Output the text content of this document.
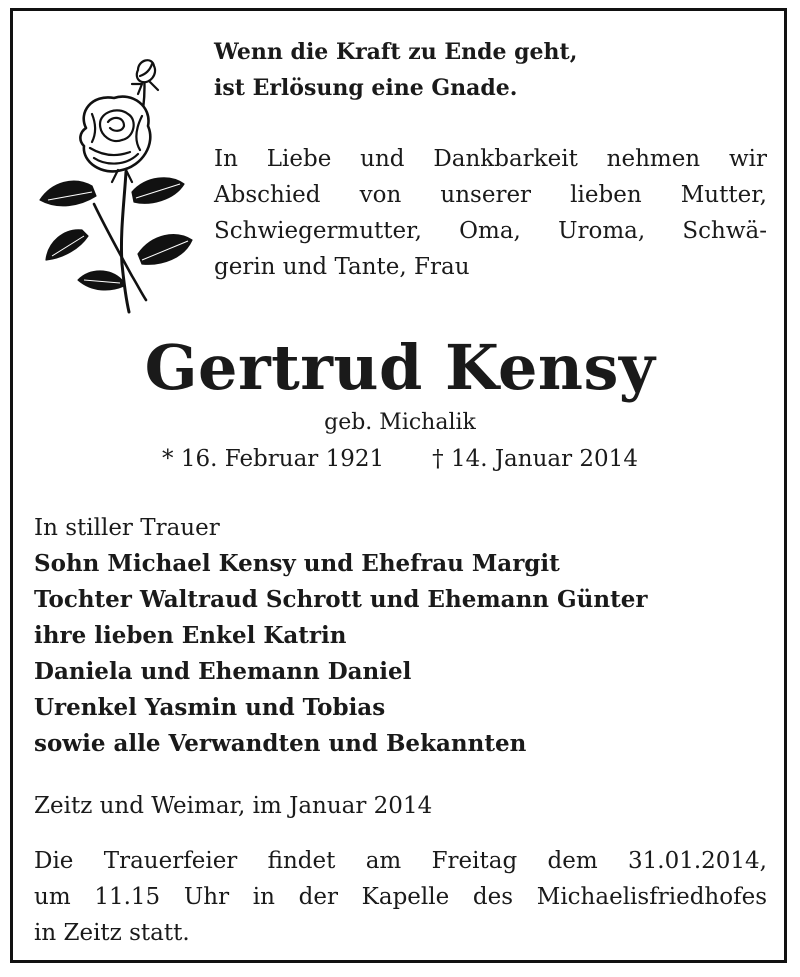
Wenn die Kraft zu Ende geht,
ist Erlösung eine Gnade.
In Liebe und Dankbarkeit nehmen wir
Abschied von unserer lieben Mutter,
Schwiegermutter, Oma, Uroma, Schwä-
gerin und Tante, Frau
Gertrud Kensy
geb. Michalik
* 16. Februar 1921 † 14. Januar 2014
In stiller Trauer
Sohn Michael Kensy und Ehefrau Margit
Tochter Waltraud Schrott und Ehemann Günter
ihre lieben Enkel Katrin
Daniela und Ehemann Daniel
Urenkel Yasmin und Tobias
sowie alle Verwandten und Bekannten
Zeitz und Weimar, im Januar 2014
Die Trauerfeier findet am Freitag dem 31.01.2014,
um 11.15 Uhr in der Kapelle des Michaelisfriedhofes
in Zeitz statt.
